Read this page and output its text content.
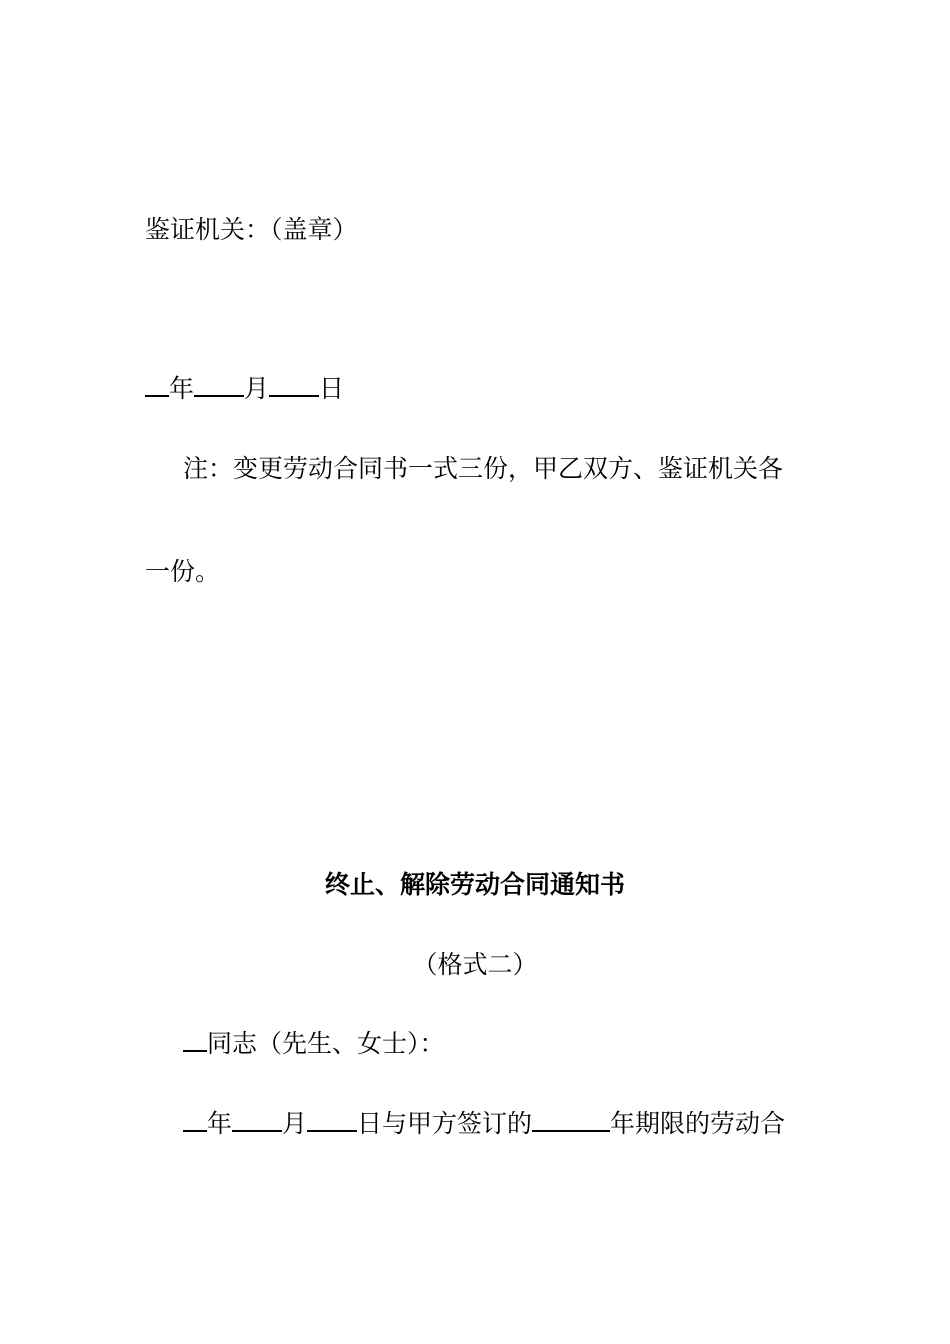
鉴证机关：（盖章）
年 月 日
注：变更劳动合同书一式三份，甲乙双方、鉴证机关各
一份。
终止、解除劳动合同通知书
（格式二）
同志（先生、女士）：
年 月 日与甲方签订的	年期限的劳动合
